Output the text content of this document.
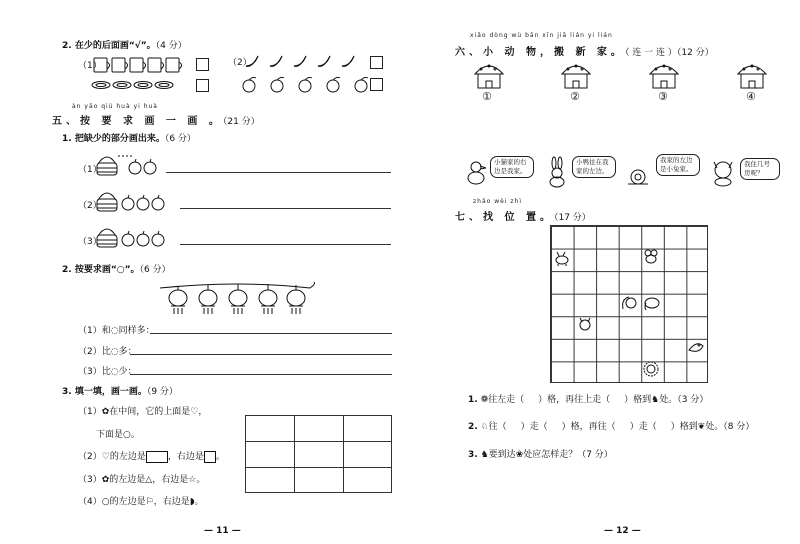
2. 在少的后面画“√”。（4 分）
（1）	（2）
àn yāo qiú huà yi huà
五、按 要 求 画 一 画 。（21 分）
1. 把缺少的部分画出来。（6 分）
（1）
（2）
（3）
2. 按要求画“○”。（6 分）
（1）和◌同样多：
（2）比◌多：
（3）比◌少：
3. 填一填，画一画。（9 分）
（1）✿在中间，它的上面是♡，
下面是○。
（2）♡的左边是 ，右边是 。
（3）✿的左边是△，右边是☆。
（4）○的左边是⚐，右边是◗。
— 11 —
xiǎo dòng wù bān xīn jiā lián yi lián
六、小 动 物，搬 新 家。（ 连 一 连 ）（12 分）
①	②	③	④
小猫家的右边是我家。
小鸭住在我家的左边。
我家的左边是小兔家。
我住几号房呢？
zhǎo wèi zhì
七、找 位 置。（17 分）
1. ❁往左走（ ）格，再往上走（ ）格到♞处。（3 分）
2. ♘往（ ）走（ ）格，再往（ ）走（ ）格到❦处。（8 分）
3. ♞要到达❀处应怎样走？（7 分）
— 12 —
